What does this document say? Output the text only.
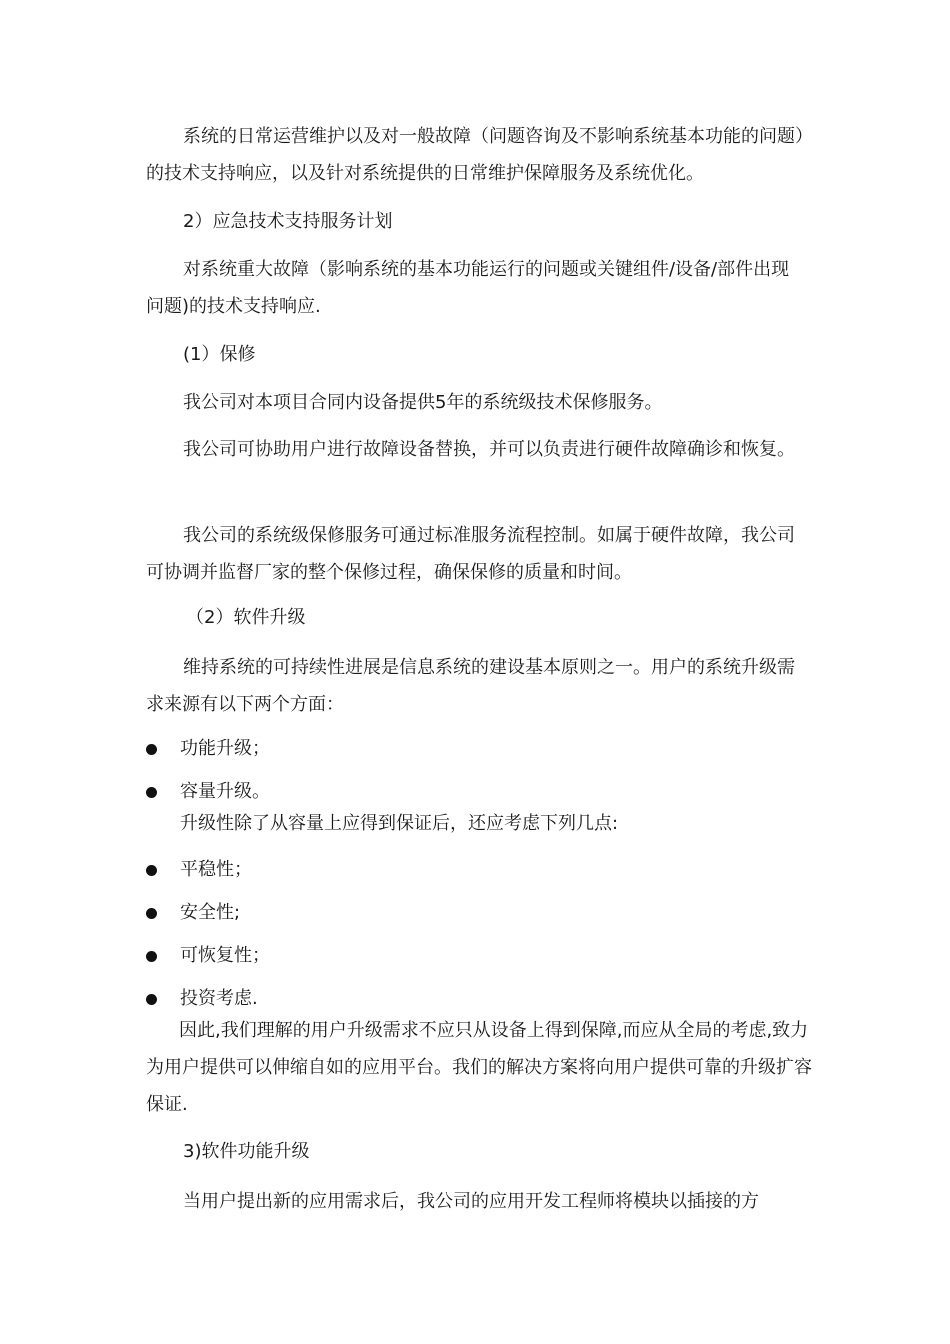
系统的日常运营维护以及对一般故障（问题咨询及不影响系统基本功能的问题）的技术支持响应，以及针对系统提供的日常维护保障服务及系统优化。
2）应急技术支持服务计划
对系统重大故障（影响系统的基本功能运行的问题或关键组件/设备/部件出现问题)的技术支持响应.
(1）保修
我公司对本项目合同内设备提供5年的系统级技术保修服务。
我公司可协助用户进行故障设备替换，并可以负责进行硬件故障确诊和恢复。
我公司的系统级保修服务可通过标准服务流程控制。如属于硬件故障，我公司可协调并监督厂家的整个保修过程，确保保修的质量和时间。
（2）软件升级
维持系统的可持续性进展是信息系统的建设基本原则之一。用户的系统升级需求来源有以下两个方面：
功能升级；
容量升级。
升级性除了从容量上应得到保证后，还应考虑下列几点:
平稳性；
安全性;
可恢复性；
投资考虑.
因此,我们理解的用户升级需求不应只从设备上得到保障,而应从全局的考虑,致力为用户提供可以伸缩自如的应用平台。我们的解决方案将向用户提供可靠的升级扩容保证.
3)软件功能升级
当用户提出新的应用需求后，我公司的应用开发工程师将模块以插接的方
